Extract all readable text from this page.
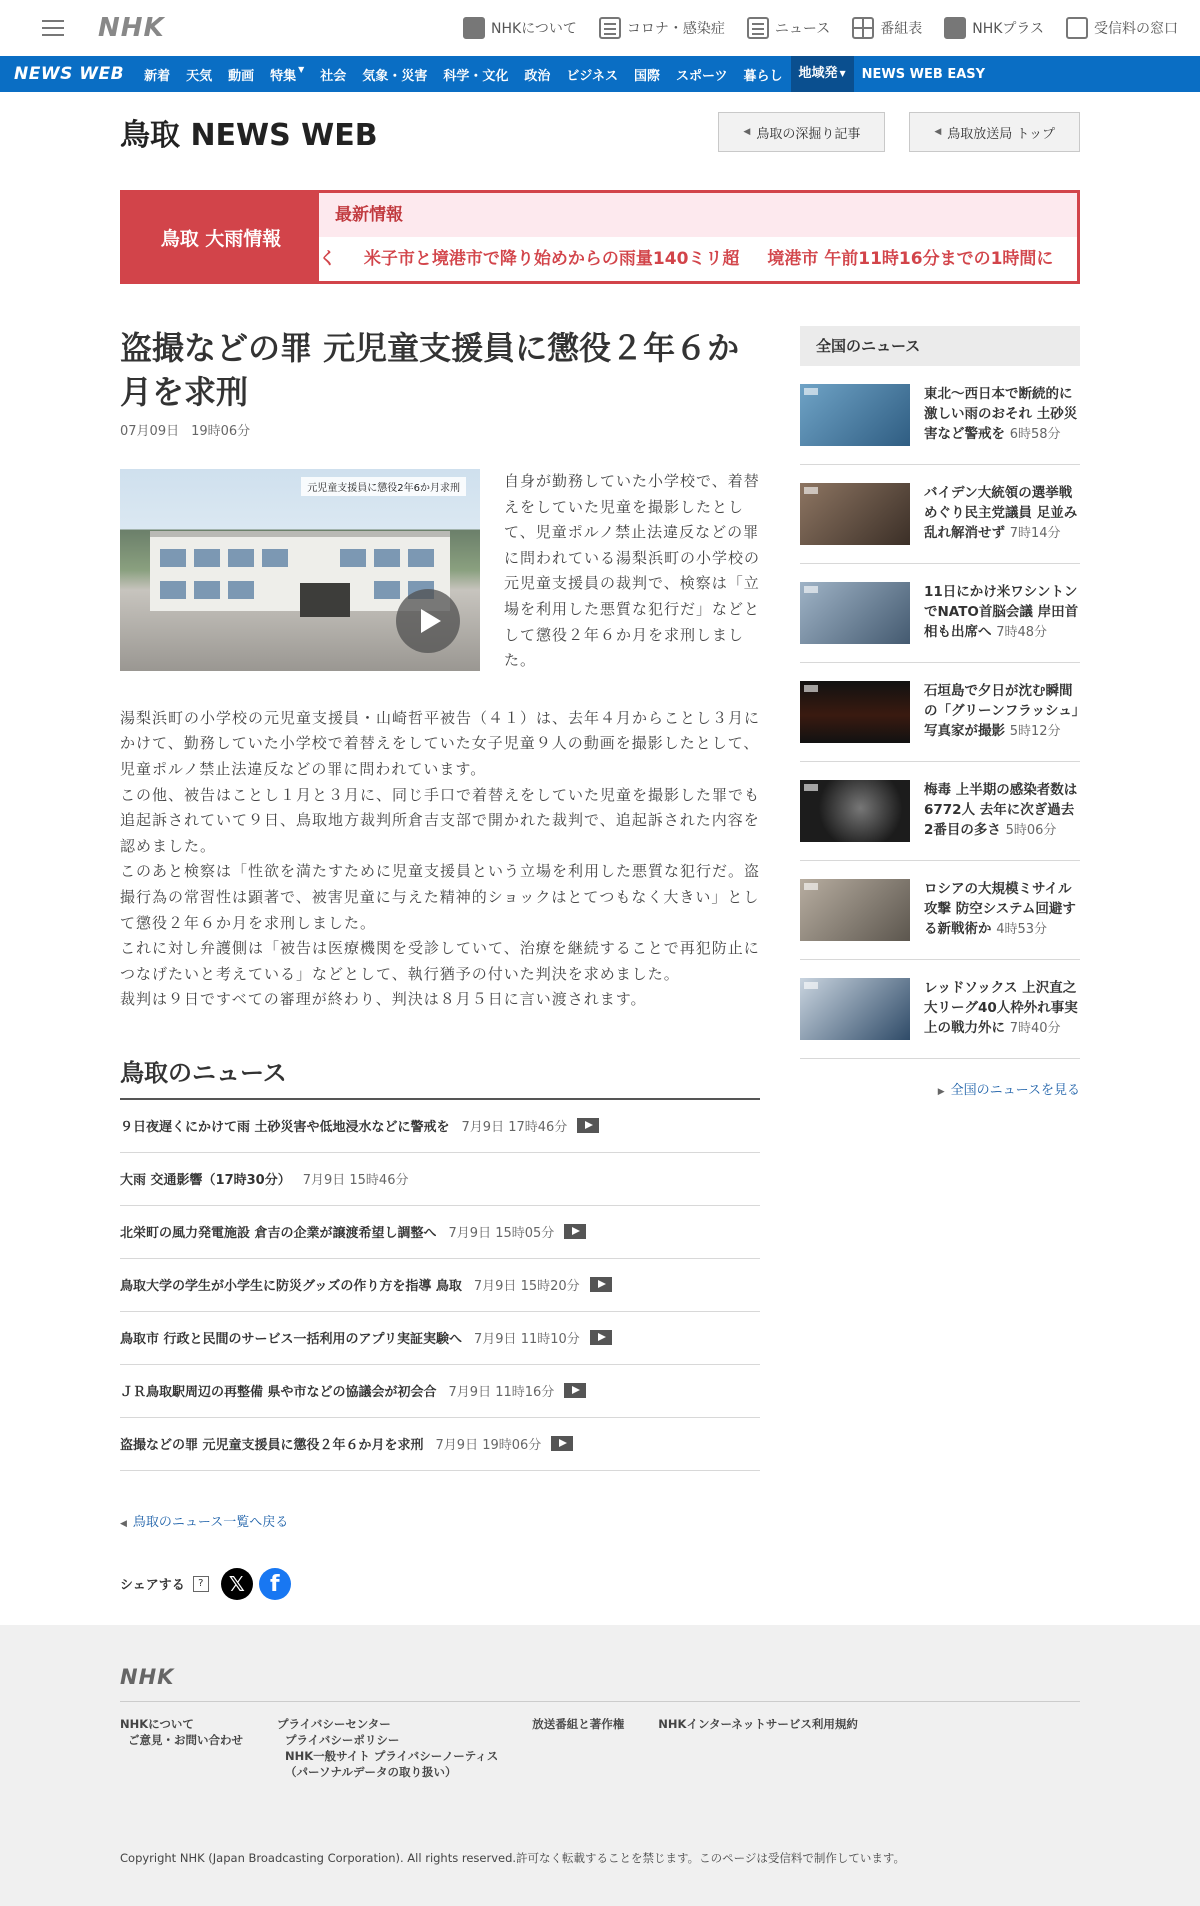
NHK	NHKについて	コロナ・感染症	ニュース	番組表	NHKプラス	受信料の窓口
NEWS WEB	新着	天気	動画	特集 ▼	社会	気象・災害	科学・文化	政治	ビジネス	国際	スポーツ	暮らし	地域発 ▼	NEWS WEB EASY
鳥取 NEWS WEB	◀ 鳥取の深掘り記事	◀ 鳥取放送局 トップ
鳥取 大雨情報
最新情報
く 米子市と境港市で降り始めからの雨量140ミリ超 境港市 午前11時16分までの1時間に
盗撮などの罪 元児童支援員に懲役２年６か月を求刑
07月09日 19時06分
元児童支援員に懲役2年6か月求刑	自身が勤務していた小学校で、着替えをしていた児童を撮影したとして、児童ポルノ禁止法違反などの罪に問われている湯梨浜町の小学校の元児童支援員の裁判で、検察は「立場を利用した悪質な犯行だ」などとして懲役２年６か月を求刑しました。

湯梨浜町の小学校の元児童支援員・山崎哲平被告（４１）は、去年４月からことし３月にかけて、勤務していた小学校で着替えをしていた女子児童９人の動画を撮影したとして、児童ポルノ禁止法違反などの罪に問われています。

この他、被告はことし１月と３月に、同じ手口で着替えをしていた児童を撮影した罪でも追起訴されていて９日、鳥取地方裁判所倉吉支部で開かれた裁判で、追起訴された内容を認めました。

このあと検察は「性欲を満たすために児童支援員という立場を利用した悪質な犯行だ。盗撮行為の常習性は顕著で、被害児童に与えた精神的ショックはとてつもなく大きい」として懲役２年６か月を求刑しました。

これに対し弁護側は「被告は医療機関を受診していて、治療を継続することで再犯防止につなげたいと考えている」などとして、執行猶予の付いた判決を求めました。

裁判は９日ですべての審理が終わり、判決は８月５日に言い渡されます。

鳥取のニュース
９日夜遅くにかけて雨 土砂災害や低地浸水などに警戒を 7月9日 17時46分
大雨 交通影響（17時30分） 7月9日 15時46分
北栄町の風力発電施設 倉吉の企業が譲渡希望し調整へ 7月9日 15時05分
鳥取大学の学生が小学生に防災グッズの作り方を指導 鳥取 7月9日 15時20分
鳥取市 行政と民間のサービス一括利用のアプリ実証実験へ 7月9日 11時10分
ＪＲ鳥取駅周辺の再整備 県や市などの協議会が初会合 7月9日 11時16分
盗撮などの罪 元児童支援員に懲役２年６か月を求刑 7月9日 19時06分
◀ 鳥取のニュース一覧へ戻る
シェアする	?	𝕏	f
全国のニュース
東北～西日本で断続的に激しい雨のおそれ 土砂災害など警戒を 6時58分
バイデン大統領の選挙戦めぐり民主党議員 足並み乱れ解消せず 7時14分
11日にかけ米ワシントンでNATO首脳会議 岸田首相も出席へ 7時48分
石垣島で夕日が沈む瞬間の「グリーンフラッシュ」写真家が撮影 5時12分
梅毒 上半期の感染者数は6772人 去年に次ぎ過去2番目の多さ 5時06分
ロシアの大規模ミサイル攻撃 防空システム回避する新戦術か 4時53分
レッドソックス 上沢直之 大リーグ40人枠外れ事実上の戦力外に 7時40分
▶ 全国のニュースを見る
NHK
NHKについて
ご意見・お問い合わせ
プライバシーセンター
プライバシーポリシー
NHK一般サイト プライバシーノーティス
（パーソナルデータの取り扱い）
放送番組と著作権	NHKインターネットサービス利用規約
Copyright NHK (Japan Broadcasting Corporation). All rights reserved.許可なく転載することを禁じます。このページは受信料で制作しています。
